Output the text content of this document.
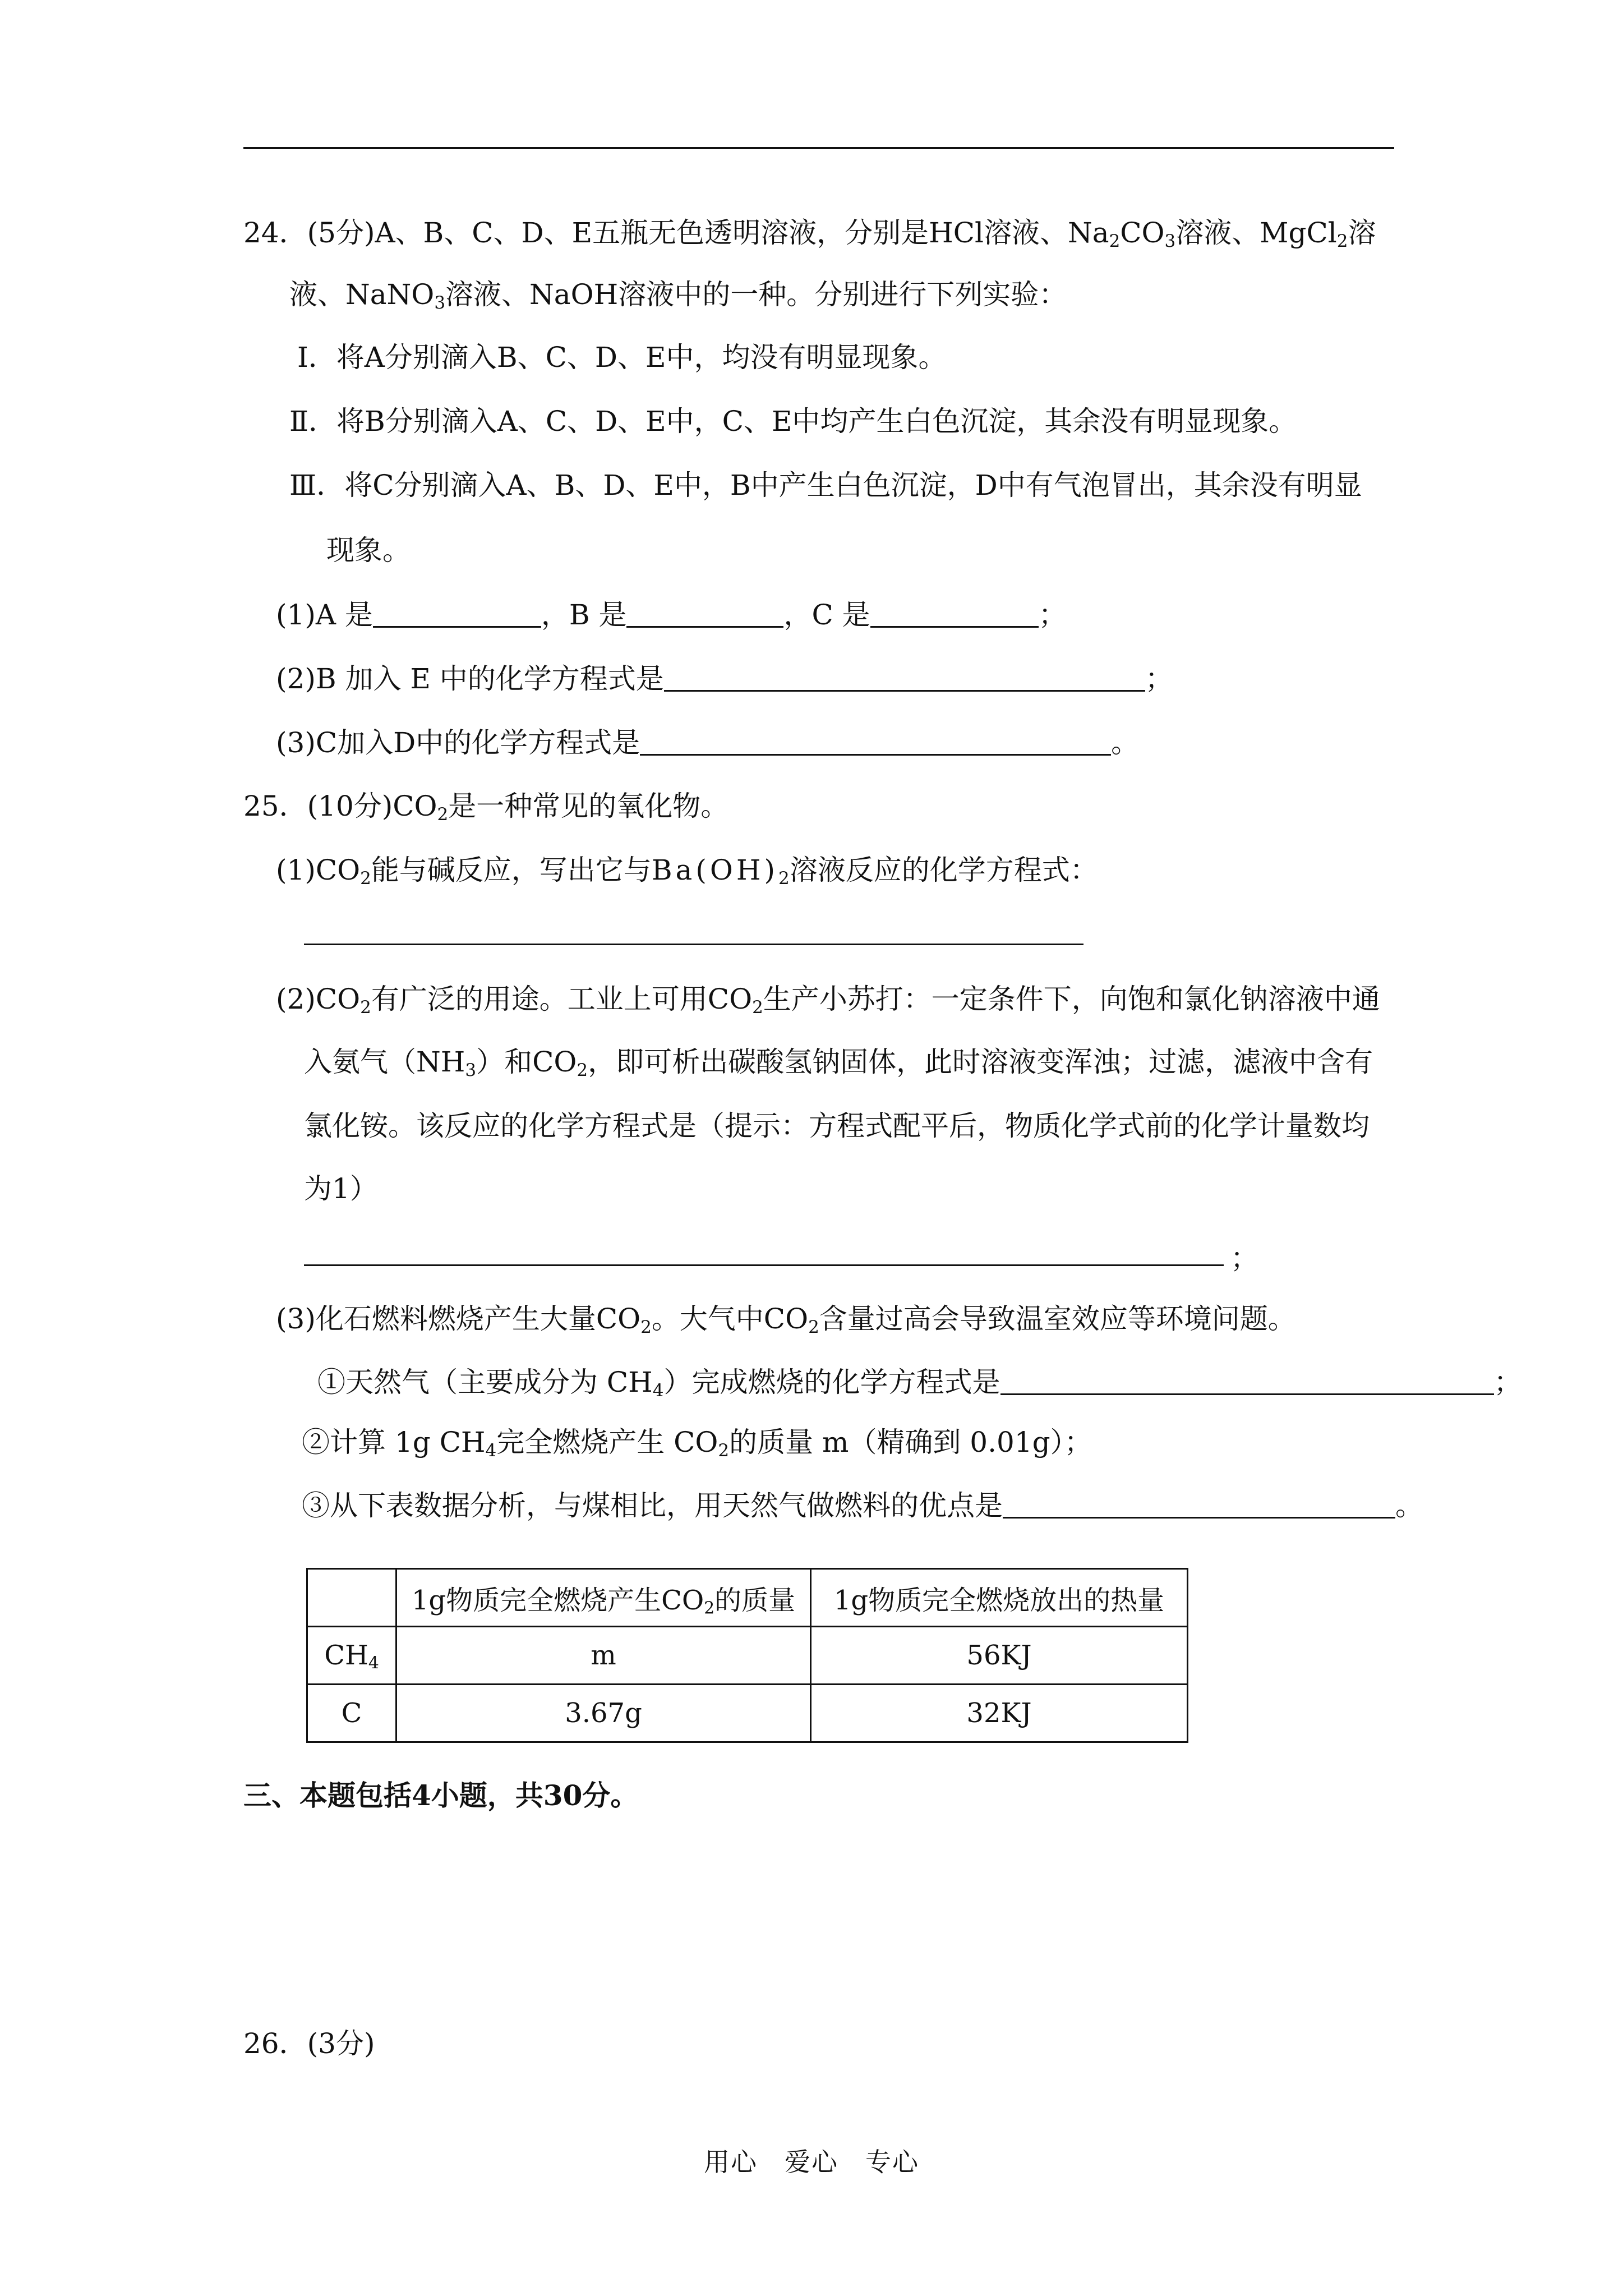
24．(5分)A、B、C、D、E五瓶无色透明溶液，分别是HCl溶液、$Na_2CO_3$溶液、MgCl$_2$溶
液、NaNO$_3$溶液、NaOH溶液中的一种。分别进行下列实验：
Ⅰ．将A分别滴入B、C、D、E中，均没有明显现象。
Ⅱ．将B分别滴入A、C、D、E中，C、E中均产生白色沉淀，其余没有明显现象。
Ⅲ．将C分别滴入A、B、D、E中，B中产生白色沉淀，D中有气泡冒出，其余没有明显
现象。
(1)A 是	，B 是	，C 是	；
(2)B 加入 E 中的化学方程式是	；
(3)C加入D中的化学方程式是	。
25．(10分)$CO_2$是一种常见的氧化物。
$(1)CO_2$能与碱反应，写出它与$Ba(OH)_2$溶液反应的化学方程式：
$(2)CO_2$有广泛的用途。工业上可用$CO_2$生产小苏打：一定条件下，向饱和氯化钠溶液中通
入氨气$(NH_3)$和$CO_2$，即可析出碳酸氢钠固体，此时溶液变浑浊；过滤，滤液中含有
氯化铵。该反应的化学方程式是（提示：方程式配平后，物质化学式前的化学计量数均
为1）
；
(3)化石燃料燃烧产生大量$CO_2$。大气中$CO_2$含量过高会导致温室效应等环境问题。
①天然气（主要成分为 $CH_4$）完成燃烧的化学方程式是	；
②计算 1g $CH_4$完全燃烧产生 $CO_2$的质量 m（精确到 0.01g）；
③从下表数据分析，与煤相比，用天然气做燃料的优点是	。
	1g物质完全燃烧产生$CO_2$的质量	1g物质完全燃烧放出的热量
$CH_4$	m	56KJ
C	3.67g	32KJ
三、本题包括4小题，共30分。
26．(3分)
用心　爱心　专心
